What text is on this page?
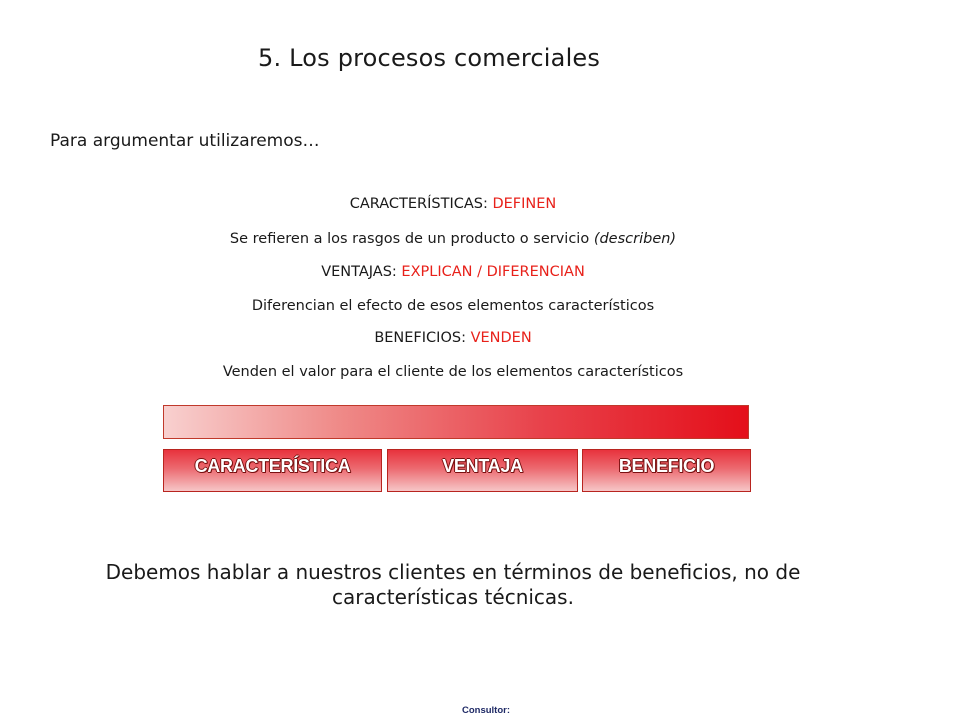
5. Los procesos comerciales
Para argumentar utilizaremos…
CARACTERÍSTICAS: DEFINEN
Se refieren a los rasgos de un producto o servicio (describen)
VENTAJAS: EXPLICAN / DIFERENCIAN
Diferencian el efecto de esos elementos característicos
BENEFICIOS: VENDEN
Venden el valor para el cliente de los elementos característicos
CARACTERÍSTICA	VENTAJA	BENEFICIO
Debemos hablar a nuestros clientes en términos de beneficios, no de
características técnicas.
Consultor:
